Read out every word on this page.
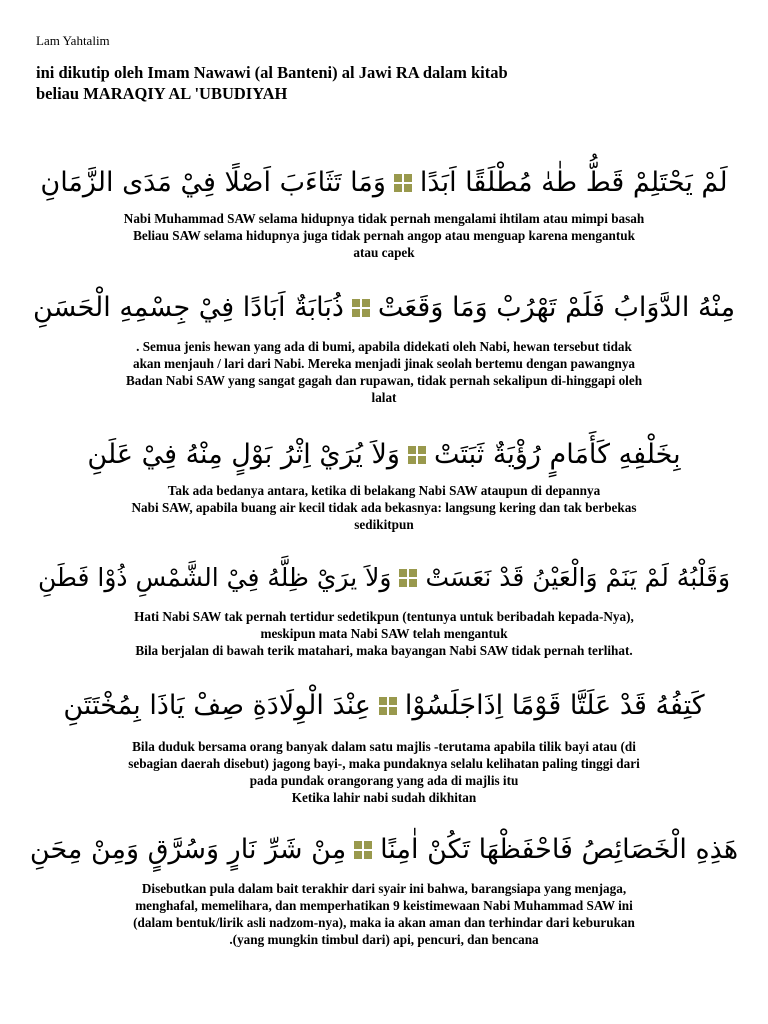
Lam Yahtalim
ini dikutip oleh Imam Nawawi (al Banteni) al Jawi RA dalam kitab
beliau MARAQIY AL 'UBUDIYAH
لَمْ يَحْتَلِمْ قَطُّ طٰهٰ مُطْلَقًا اَبَدًا
وَمَا تَثَاءَبَ اَصْلًا فِيْ مَدَى الزَّمَانِ
Nabi Muhammad SAW selama hidupnya tidak pernah mengalami ihtilam atau mimpi basah
Beliau SAW selama hidupnya juga tidak pernah angop atau menguap karena mengantuk
atau capek
مِنْهُ الدَّوَابُ فَلَمْ تَهْرُبْ وَمَا وَقَعَتْ
ذُبَابَةٌ اَبَادًا فِيْ جِسْمِهِ الْحَسَنِ
. Semua jenis hewan yang ada di bumi, apabila didekati oleh Nabi, hewan tersebut tidak
akan menjauh / lari dari Nabi. Mereka menjadi jinak seolah bertemu dengan pawangnya
Badan Nabi SAW yang sangat gagah dan rupawan, tidak pernah sekalipun di-hinggapi oleh
lalat
بِخَلْفِهِ كَأَمَامٍ رُؤْيَةٌ ثَبَتَتْ
وَلاَ يُرَيْ اِثْرُ بَوْلٍ مِنْهُ فِيْ عَلَنِ
Tak ada bedanya antara, ketika di belakang Nabi SAW ataupun di depannya
Nabi SAW, apabila buang air kecil tidak ada bekasnya: langsung kering dan tak berbekas
sedikitpun
وَقَلْبُهُ لَمْ يَنَمْ وَالْعَيْنُ قَدْ نَعَسَتْ
وَلاَ يرَيْ ظِلَّهُ فِيْ الشَّمْسِ ذُوْا فَطَنِ
Hati Nabi SAW tak pernah tertidur sedetikpun (tentunya untuk beribadah kepada-Nya),
meskipun mata Nabi SAW telah mengantuk
Bila berjalan di bawah terik matahari, maka bayangan Nabi SAW tidak pernah terlihat.
كَتِفُهُ قَدْ عَلَتَّا قَوْمًا اِذَاجَلَسُوْا
عِنْدَ الْوِلَادَةِ صِفْ يَاذَا بِمُخْتَتَنِ
Bila duduk bersama orang banyak dalam satu majlis -terutama apabila tilik bayi atau (di
sebagian daerah disebut) jagong bayi-, maka pundaknya selalu kelihatan paling tinggi dari
pada pundak orangorang yang ada di majlis itu
Ketika lahir nabi sudah dikhitan
هَذِهِ الْخَصَائِصُ فَاحْفَظْهَا تَكُنْ اٰمِنًا
مِنْ شَرِّ نَارٍ وَسُرَّقٍ وَمِنْ مِحَنِ
Disebutkan pula dalam bait terakhir dari syair ini bahwa, barangsiapa yang menjaga,
menghafal, memelihara, dan memperhatikan 9 keistimewaan Nabi Muhammad SAW ini
(dalam bentuk/lirik asli nadzom-nya), maka ia akan aman dan terhindar dari keburukan
.(yang mungkin timbul dari) api, pencuri, dan bencana
